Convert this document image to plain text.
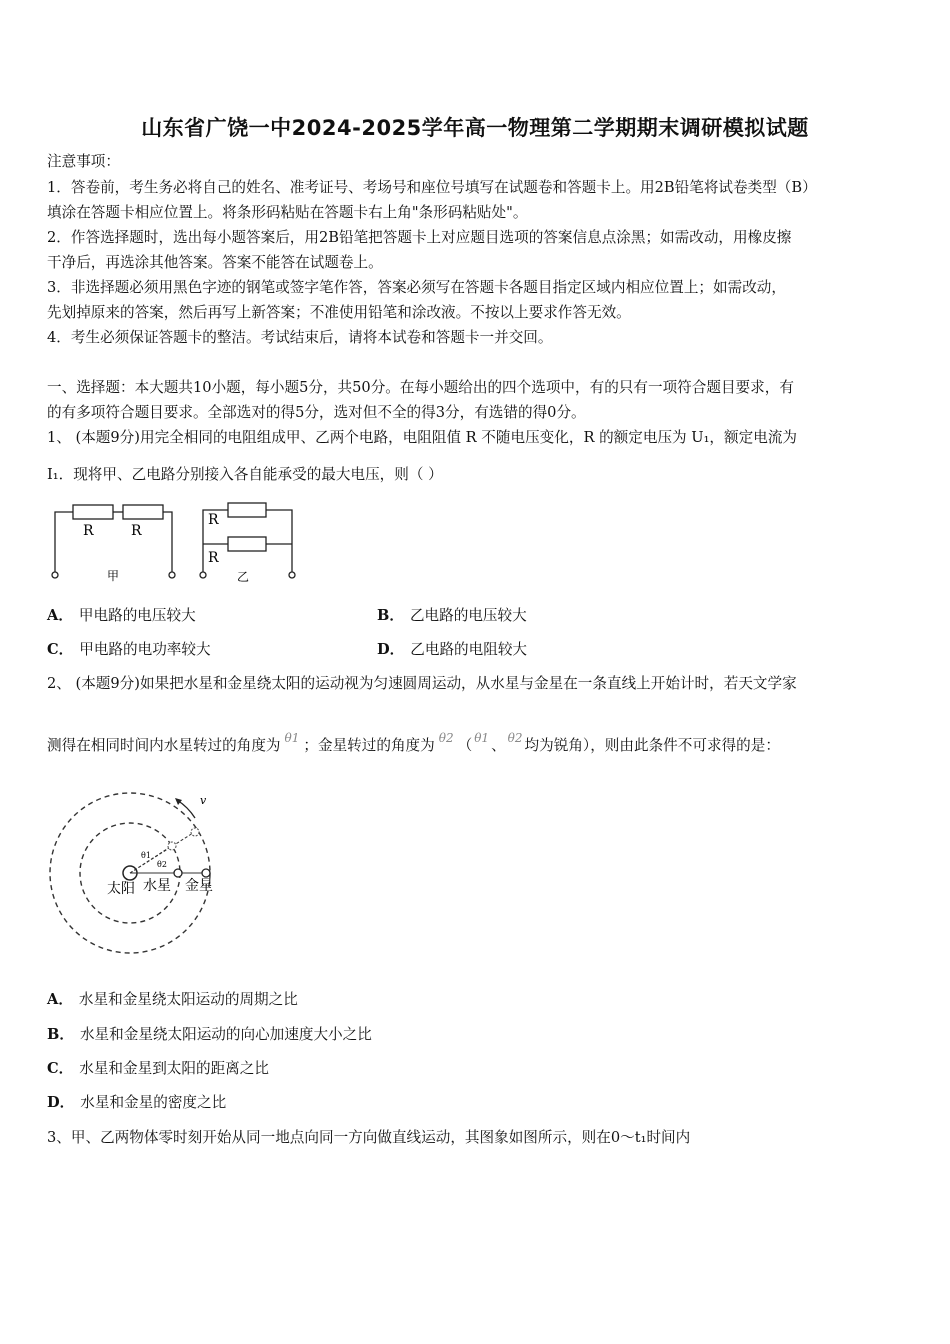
山东省广饶一中2024-2025学年高一物理第二学期期末调研模拟试题
注意事项：
1．答卷前，考生务必将自己的姓名、准考证号、考场号和座位号填写在试题卷和答题卡上。用2B铅笔将试卷类型（B）
填涂在答题卡相应位置上。将条形码粘贴在答题卡右上角"条形码粘贴处"。
2．作答选择题时，选出每小题答案后，用2B铅笔把答题卡上对应题目选项的答案信息点涂黑；如需改动，用橡皮擦
干净后，再选涂其他答案。答案不能答在试题卷上。
3．非选择题必须用黑色字迹的钢笔或签字笔作答，答案必须写在答题卡各题目指定区域内相应位置上；如需改动，
先划掉原来的答案，然后再写上新答案；不准使用铅笔和涂改液。不按以上要求作答无效。
4．考生必须保证答题卡的整洁。考试结束后，请将本试卷和答题卡一并交回。
一、选择题：本大题共10小题，每小题5分，共50分。在每小题给出的四个选项中，有的只有一项符合题目要求，有
的有多项符合题目要求。全部选对的得5分，选对但不全的得3分，有选错的得0分。
1、 (本题9分)用完全相同的电阻组成甲、乙两个电路，电阻阻值 R 不随电压变化，R 的额定电压为 U₁，额定电流为
I₁．现将甲、乙电路分别接入各自能承受的最大电压，则（ ）
R	R
R
R
甲	乙
A． 甲电路的电压较大	B． 乙电路的电压较大
C． 甲电路的电功率较大	D． 乙电路的电阻较大
2、 (本题9分)如果把水星和金星绕太阳的运动视为匀速圆周运动，从水星与金星在一条直线上开始计时，若天文学家
测得在相同时间内水星转过的角度为 $^{\theta 1}$ ；金星转过的角度为 $^{\theta 2}$ （ $^{\theta 1}$ 、 $^{\theta 2}$ 均为锐角），则由此条件不可求得的是：
v
θ1
θ2
太阳 水星 金星
A． 水星和金星绕太阳运动的周期之比
B． 水星和金星绕太阳运动的向心加速度大小之比
C． 水星和金星到太阳的距离之比
D． 水星和金星的密度之比
3、甲、乙两物体零时刻开始从同一地点向同一方向做直线运动，其图象如图所示，则在0～t₁时间内
